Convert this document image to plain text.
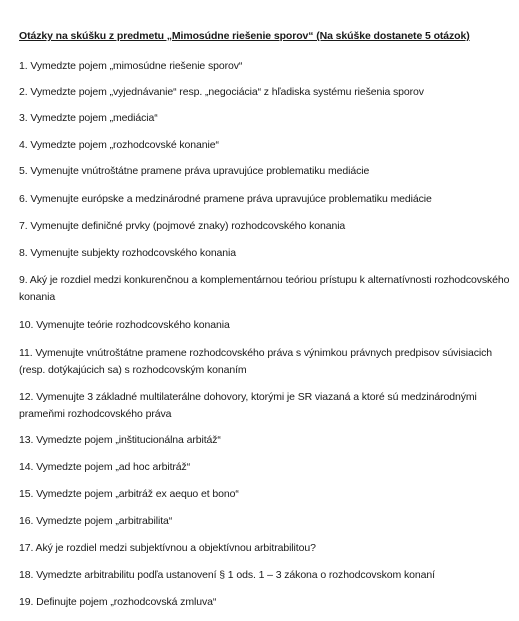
Otázky na skúšku z predmetu „Mimosúdne riešenie sporov“ (Na skúške dostanete 5 otázok)
1. Vymedzte pojem „mimosúdne riešenie sporov“
2. Vymedzte pojem „vyjednávanie“ resp. „negociácia“ z hľadiska systému riešenia sporov
3. Vymedzte pojem „mediácia“
4. Vymedzte pojem „rozhodcovské konanie“
5. Vymenujte vnútroštátne pramene práva upravujúce problematiku mediácie
6. Vymenujte európske a medzinárodné pramene práva upravujúce problematiku mediácie
7. Vymenujte definičné prvky (pojmové znaky) rozhodcovského konania
8. Vymenujte subjekty rozhodcovského konania
9. Aký je rozdiel medzi konkurenčnou a komplementárnou teóriou prístupu k alternatívnosti rozhodcovského konania
10. Vymenujte teórie rozhodcovského konania
11. Vymenujte vnútroštátne pramene rozhodcovského práva s výnimkou právnych predpisov súvisiacich (resp. dotýkajúcich sa) s rozhodcovským konaním
12. Vymenujte 3 základné multilaterálne dohovory, ktorými je SR viazaná a ktoré sú medzinárodnými prameňmi rozhodcovského práva
13. Vymedzte pojem „inštitucionálna arbitáž“
14. Vymedzte pojem „ad hoc arbitráž“
15. Vymedzte pojem „arbitráž ex aequo et bono“
16. Vymedzte pojem „arbitrabilita“
17. Aký je rozdiel medzi subjektívnou a objektívnou arbitrabilitou?
18. Vymedzte arbitrabilitu podľa ustanovení § 1 ods. 1 – 3 zákona o rozhodcovskom konaní
19. Definujte pojem „rozhodcovská zmluva“
